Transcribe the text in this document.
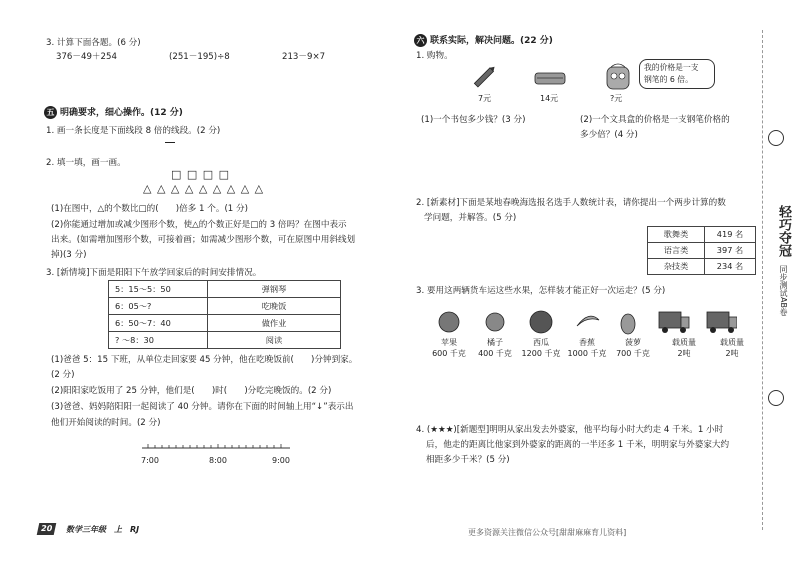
3. 计算下面各题。(6 分)
376－49＋254	(251－195)÷8	213－9×7
五 明确要求，细心操作。(12 分)
1. 画一条长度是下面线段 8 倍的线段。(2 分)
2. 填一填，画一画。
□ □ □ □
△ △ △ △ △ △ △ △ △
(1)在图中，△的个数比□的(　　)倍多 1 个。(1 分)
(2)你能通过增加或减少图形个数，使△的个数正好是□的 3 倍吗？在图中表示
出来。(如需增加图形个数，可接着画；如需减少图形个数，可在原图中用斜线划
掉)(3 分)
3. [新情境]下面是阳阳下午放学回家后的时间安排情况。
5：15～5：50	弹钢琴
6：05～?	吃晚饭
6：50～7：40	做作业
? ～8：30	阅读
(1)爸爸 5：15 下班，从单位走回家要 45 分钟，他在吃晚饭前(　　)分钟到家。
(2 分)
(2)阳阳家吃饭用了 25 分钟，他们是(　　)时(　　)分吃完晚饭的。(2 分)
(3)爸爸、妈妈陪阳阳一起阅读了 40 分钟。请你在下面的时间轴上用“↓”表示出
他们开始阅读的时间。(2 分)
7:00	8:00	9:00
20	数学三年级　上　RJ
六 联系实际，解决问题。(22 分)
1. 购物。
7元	14元	?元
我的价格是一支
钢笔的 6 倍。
(1)一个书包多少钱？(3 分)	(2)一个文具盒的价格是一支钢笔价格的
多少倍？(4 分)
2. [新素材]下面是某地春晚海选报名选手人数统计表，请你提出一个两步计算的数
学问题，并解答。(5 分)
歌舞类	419 名
语言类	397 名
杂技类	234 名
3. 要用这两辆货车运这些水果，怎样装才能正好一次运走？(5 分)
苹果
600 千克
橘子
400 千克
西瓜
1200 千克
香蕉
1000 千克
菠萝
700 千克
载质量
2吨
载质量
2吨
4. (★★★)[新题型]明明从家出发去外婆家，他平均每小时大约走 4 千米。1 小时
后，他走的距离比他家到外婆家的距离的一半还多 1 千米，明明家与外婆家大约
相距多少千米？(5 分)
更多资源关注微信公众号[甜甜麻麻育儿资料]
轻巧夺冠
同步测试AB卷
